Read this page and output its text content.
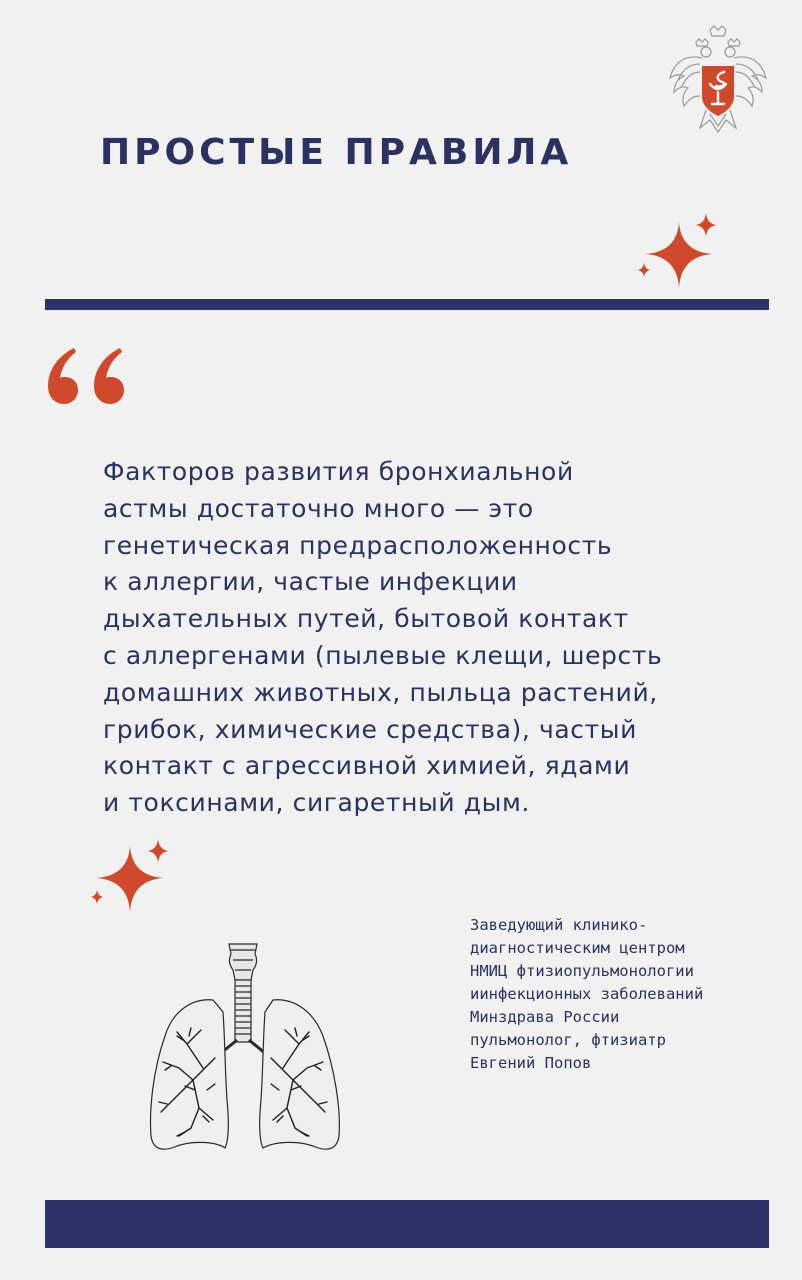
ПРОСТЫЕ ПРАВИЛА
Факторов развития бронхиальной
астмы достаточно много — это
генетическая предрасположенность
к аллергии, частые инфекции
дыхательных путей, бытовой контакт
с аллергенами (пылевые клещи, шерсть
домашних животных, пыльца растений,
грибок, химические средства), частый
контакт с агрессивной химией, ядами
и токсинами, сигаретный дым.
Заведующий клинико-
диагностическим центром
НМИЦ фтизиопульмонологии
иинфекционных заболеваний
Минздрава России
пульмонолог, фтизиатр
Евгений Попов
